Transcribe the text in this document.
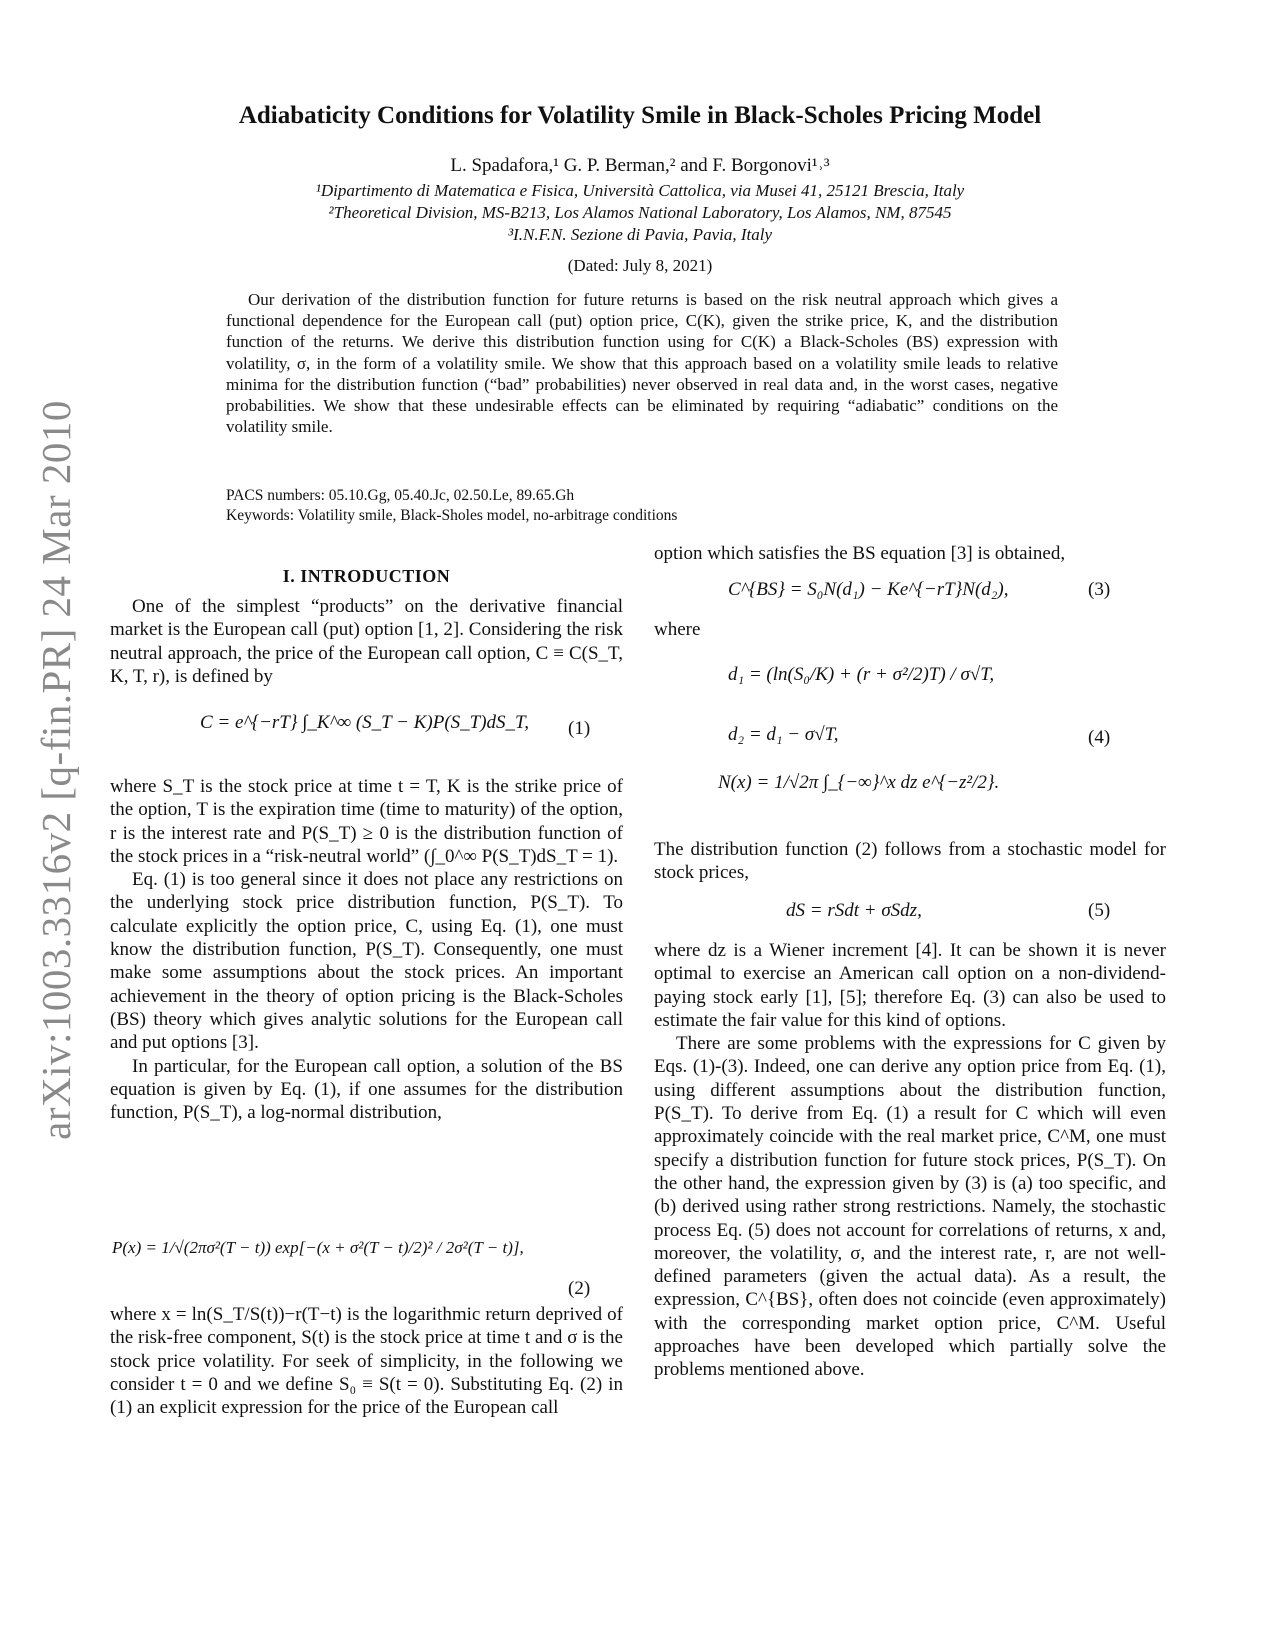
arXiv:1003.3316v2 [q-fin.PR] 24 Mar 2010
Adiabaticity Conditions for Volatility Smile in Black-Scholes Pricing Model
L. Spadafora,¹ G. P. Berman,² and F. Borgonovi¹˒³
¹Dipartimento di Matematica e Fisica, Università Cattolica, via Musei 41, 25121 Brescia, Italy
²Theoretical Division, MS-B213, Los Alamos National Laboratory, Los Alamos, NM, 87545
³I.N.F.N. Sezione di Pavia, Pavia, Italy
(Dated: July 8, 2021)
Our derivation of the distribution function for future returns is based on the risk neutral approach which gives a functional dependence for the European call (put) option price, C(K), given the strike price, K, and the distribution function of the returns. We derive this distribution function using for C(K) a Black-Scholes (BS) expression with volatility, σ, in the form of a volatility smile. We show that this approach based on a volatility smile leads to relative minima for the distribution function (“bad” probabilities) never observed in real data and, in the worst cases, negative probabilities. We show that these undesirable effects can be eliminated by requiring “adiabatic” conditions on the volatility smile.
PACS numbers: 05.10.Gg, 05.40.Jc, 02.50.Le, 89.65.Gh
Keywords: Volatility smile, Black-Sholes model, no-arbitrage conditions
I. INTRODUCTION

One of the simplest “products” on the derivative financial market is the European call (put) option [1, 2]. Considering the risk neutral approach, the price of the European call option, C ≡ C(S_T, K, T, r), is defined by

C = e^{−rT} ∫_K^∞ (S_T − K)P(S_T)dS_T, (1)

where S_T is the stock price at time t = T, K is the strike price of the option, T is the expiration time (time to maturity) of the option, r is the interest rate and P(S_T) ≥ 0 is the distribution function of the stock prices in a “risk-neutral world” (∫_0^∞ P(S_T)dS_T = 1).

Eq. (1) is too general since it does not place any restrictions on the underlying stock price distribution function, P(S_T). To calculate explicitly the option price, C, using Eq. (1), one must know the distribution function, P(S_T). Consequently, one must make some assumptions about the stock prices. An important achievement in the theory of option pricing is the Black-Scholes (BS) theory which gives analytic solutions for the European call and put options [3].

In particular, for the European call option, a solution of the BS equation is given by Eq. (1), if one assumes for the distribution function, P(S_T), a log-normal distribution,

P(x) = 1/√(2πσ²(T − t)) exp[−(x + σ²(T − t)/2)² / 2σ²(T − t)],
(2)

where x = ln(S_T/S(t))−r(T−t) is the logarithmic return deprived of the risk-free component, S(t) is the stock price at time t and σ is the stock price volatility. For seek of simplicity, in the following we consider t = 0 and we define S₀ ≡ S(t = 0). Substituting Eq. (2) in (1) an explicit expression for the price of the European call

option which satisfies the BS equation [3] is obtained,

C^{BS} = S₀N(d₁) − Ke^{−rT}N(d₂),	(3)
where
d₁ = (ln(S₀/K) + (r + σ²/2)T) / σ√T,
d₂ = d₁ − σ√T,
N(x) = 1/√2π ∫_{−∞}^x dz e^{−z²/2}.
(4)

The distribution function (2) follows from a stochastic model for stock prices,

dS = rSdt + σSdz,	(5)

where dz is a Wiener increment [4]. It can be shown it is never optimal to exercise an American call option on a non-dividend-paying stock early [1], [5]; therefore Eq. (3) can also be used to estimate the fair value for this kind of options.

There are some problems with the expressions for C given by Eqs. (1)-(3). Indeed, one can derive any option price from Eq. (1), using different assumptions about the distribution function, P(S_T). To derive from Eq. (1) a result for C which will even approximately coincide with the real market price, C^M, one must specify a distribution function for future stock prices, P(S_T). On the other hand, the expression given by (3) is (a) too specific, and (b) derived using rather strong restrictions. Namely, the stochastic process Eq. (5) does not account for correlations of returns, x and, moreover, the volatility, σ, and the interest rate, r, are not well-defined parameters (given the actual data). As a result, the expression, C^{BS}, often does not coincide (even approximately) with the corresponding market option price, C^M. Useful approaches have been developed which partially solve the problems mentioned above.
